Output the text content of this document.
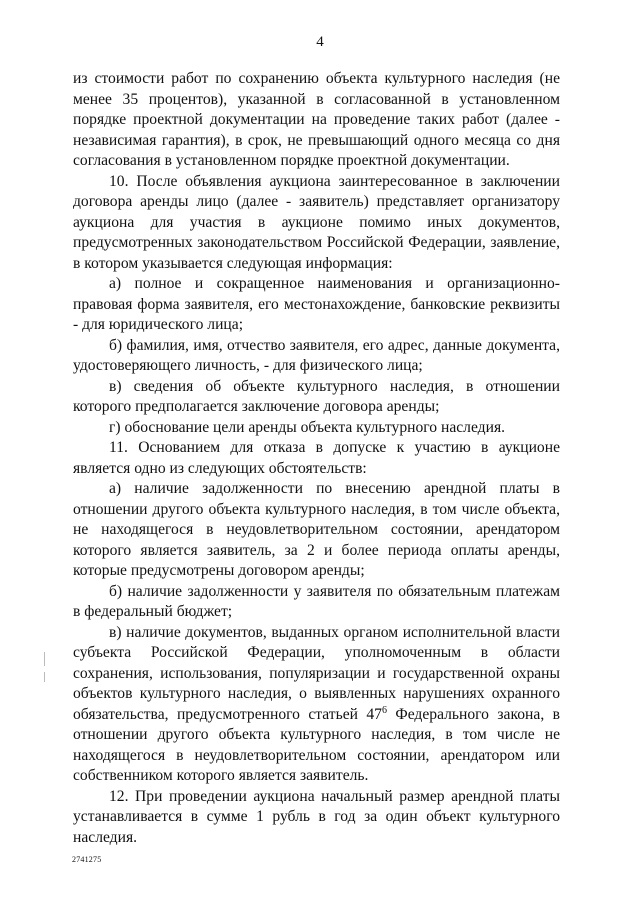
4

из стоимости работ по сохранению объекта культурного наследия (не менее 35 процентов), указанной в согласованной в установленном порядке проектной документации на проведение таких работ (далее - независимая гарантия), в срок, не превышающий одного месяца со дня согласования в установленном порядке проектной документации.

10. После объявления аукциона заинтересованное в заключении договора аренды лицо (далее - заявитель) представляет организатору аукциона для участия в аукционе помимо иных документов, предусмотренных законодательством Российской Федерации, заявление, в котором указывается следующая информация:

а) полное и сокращенное наименования и организационно-правовая форма заявителя, его местонахождение, банковские реквизиты - для юридического лица;

б) фамилия, имя, отчество заявителя, его адрес, данные документа, удостоверяющего личность, - для физического лица;

в) сведения об объекте культурного наследия, в отношении которого предполагается заключение договора аренды;

г) обоснование цели аренды объекта культурного наследия.

11. Основанием для отказа в допуске к участию в аукционе является одно из следующих обстоятельств:

а) наличие задолженности по внесению арендной платы в отношении другого объекта культурного наследия, в том числе объекта, не находящегося в неудовлетворительном состоянии, арендатором которого является заявитель, за 2 и более периода оплаты аренды, которые предусмотрены договором аренды;

б) наличие задолженности у заявителя по обязательным платежам в федеральный бюджет;

в) наличие документов, выданных органом исполнительной власти субъекта Российской Федерации, уполномоченным в области сохранения, использования, популяризации и государственной охраны объектов культурного наследия, о выявленных нарушениях охранного обязательства, предусмотренного статьей $47^6$ Федерального закона, в отношении другого объекта культурного наследия, в том числе не находящегося в неудовлетворительном состоянии, арендатором или собственником которого является заявитель.

12. При проведении аукциона начальный размер арендной платы устанавливается в сумме 1 рубль в год за один объект культурного наследия.

2741275
